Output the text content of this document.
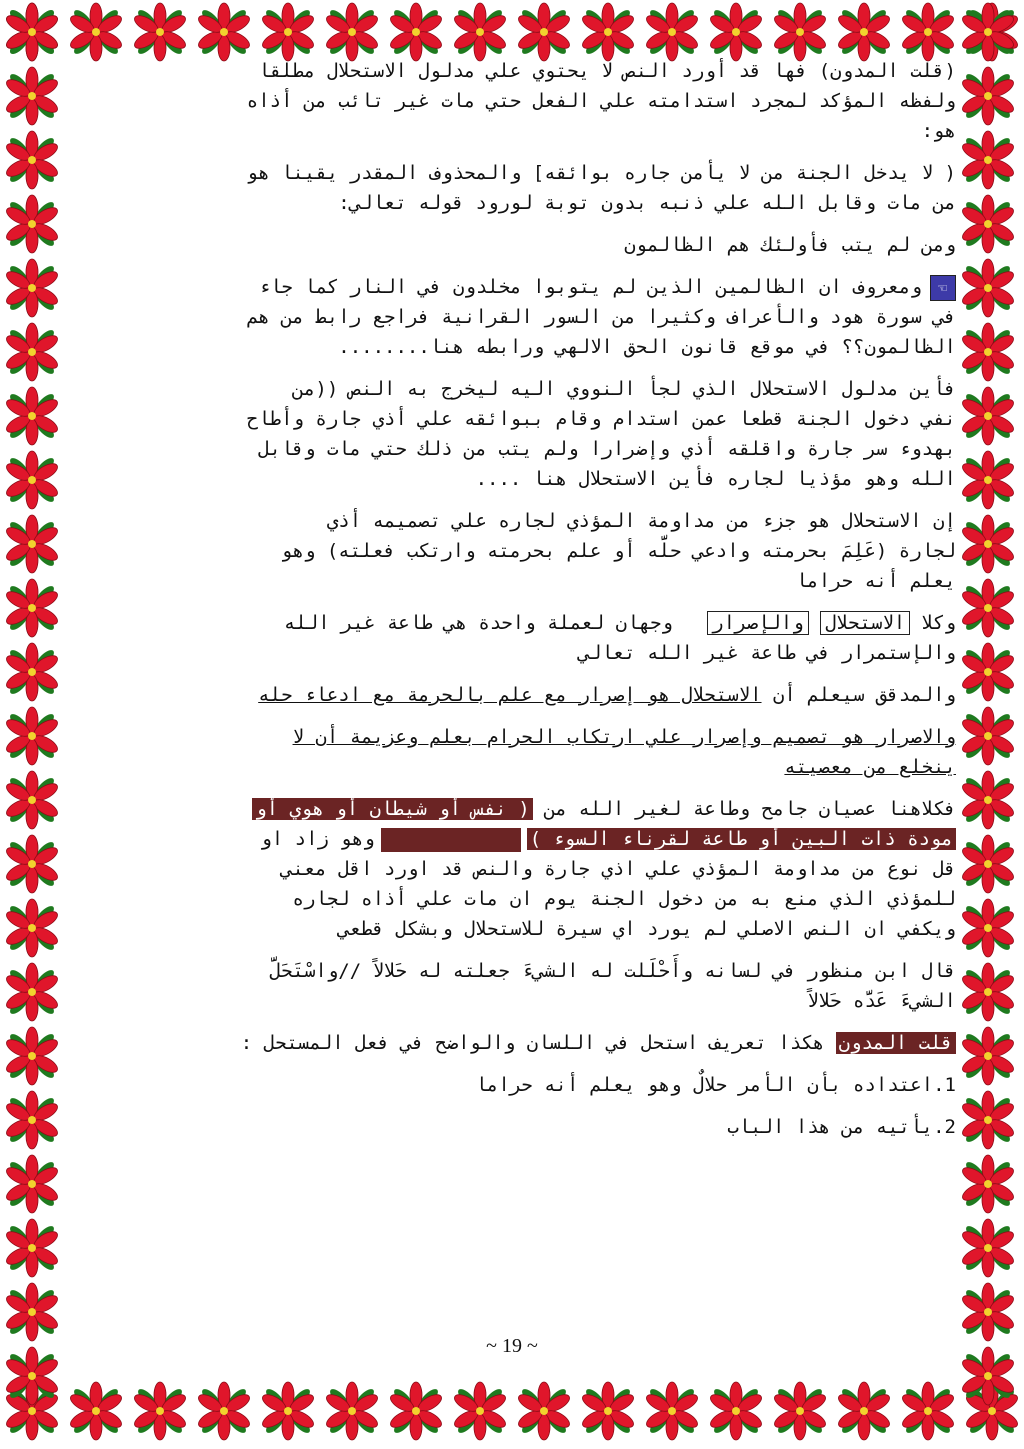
(قلت المدون) فها قد أورد النص لا يحتوي علي مدلول الاستحلال مطلقا
ولفظه المؤكد لمجرد استدامته علي الفعل حتي مات غير تائب من أذاه
هو:
( لا يدخل الجنة من لا يأمن جاره بوائقه] والمحذوف المقدر يقينا هو
من مات وقابل الله علي ذنبه بدون توبة لورود قوله تعالي:
ومن لم يتب فأولئك هم الظالمون
☜ومعروف ان الظالمين الذين لم يتوبوا مخلدون في النار كما جاء
في سورة هود والأعراف وكثيرا من السور القرانية فراجع رابط من هم
الظالمون؟؟ في موقع قانون الحق الالهي ورابطه هنا........
فأين مدلول الاستحلال الذي لجأ النووي اليه ليخرج به النص ((من
نفي دخول الجنة قطعا عمن استدام وقام ببوائقه علي أذي جارة وأطاح
بهدوء سر جارة واقلقه أذي وإضرارا ولم يتب من ذلك حتي مات وقابل
الله وهو مؤذيا لجاره فأين الاستحلال هنا ....
إن الاستحلال هو جزء من مداومة المؤذي لجاره علي تصميمه أذي
لجارة (عَلِمَ بحرمته وادعي حلَّه أو علم بحرمته وارتكب فعلته) وهو
يعلم أنه حراما
وكلا الاستحلال والإصرار   وجهان لعملة واحدة هي طاعة غير الله
والإستمرار في طاعة غير الله تعالي
والمدقق سيعلم أن الاستحلال هو إصرار مع علم بالحرمة مع ادعاء حله
والاصرار هو تصميم وإصرار علي ارتكاب الحرام بعلم وعزيمة أن لا
ينخلع من معصيته
فكلاهنا عصيان جامح وطاعة لغير الله من ( نفس أو شيطان أو هوي أو
مودة ذات البين أو طاعة لقرناء السوء )وهو زاد او
قل نوع من مداومة المؤذي علي اذي جارة والنص قد اورد اقل معني
للمؤذي الذي منع به من دخول الجنة يوم ان مات علي أذاه لجاره
ويكفي ان النص الاصلي لم يورد اي سيرة للاستحلال وبشكل قطعي
قال ابن منظور في لسانه وأَحْلَلت له الشيءَ جعلته له حَلالاً //واسْتَحَلَّ
الشيءَ عَدَّه حَلالاً
قلت المدون هكذا تعريف استحل في اللسان والواضح في فعل المستحل :
1.اعتداده بأن الأمر حلالٌ وهو يعلم أنه حراما
2.يأتيه من هذا الباب
~ 19 ~
